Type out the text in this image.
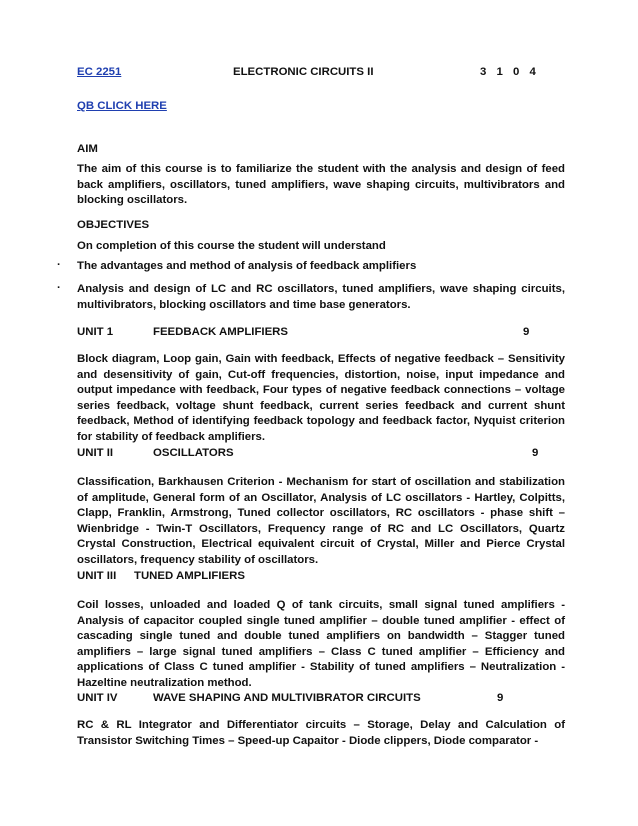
EC 2251	ELECTRONIC CIRCUITS II	3 1 0 4
QB CLICK HERE
AIM
The aim of this course is to familiarize the student with the analysis and design of feed back amplifiers, oscillators, tuned amplifiers, wave shaping circuits, multivibrators and blocking oscillators.
OBJECTIVES
On completion of this course the student will understand
· The advantages and method of analysis of feedback amplifiers
· Analysis and design of LC and RC oscillators, tuned amplifiers, wave shaping circuits, multivibrators, blocking oscillators and time base generators.
UNIT 1	FEEDBACK AMPLIFIERS	9
Block diagram, Loop gain, Gain with feedback, Effects of negative feedback – Sensitivity and desensitivity of gain, Cut-off frequencies, distortion, noise, input impedance and output impedance with feedback, Four types of negative feedback connections – voltage series feedback, voltage shunt feedback, current series feedback and current shunt feedback, Method of identifying feedback topology and feedback factor, Nyquist criterion for stability of feedback amplifiers.
UNIT II	OSCILLATORS	9
Classification, Barkhausen Criterion - Mechanism for start of oscillation and stabilization of amplitude, General form of an Oscillator, Analysis of LC oscillators - Hartley, Colpitts, Clapp, Franklin, Armstrong, Tuned collector oscillators, RC oscillators - phase shift – Wienbridge - Twin-T Oscillators, Frequency range of RC and LC Oscillators, Quartz Crystal Construction, Electrical equivalent circuit of Crystal, Miller and Pierce Crystal oscillators, frequency stability of oscillators.
UNIT III TUNED AMPLIFIERS
Coil losses, unloaded and loaded Q of tank circuits, small signal tuned amplifiers - Analysis of capacitor coupled single tuned amplifier – double tuned amplifier - effect of cascading single tuned and double tuned amplifiers on bandwidth – Stagger tuned amplifiers – large signal tuned amplifiers – Class C tuned amplifier – Efficiency and applications of Class C tuned amplifier - Stability of tuned amplifiers – Neutralization - Hazeltine neutralization method.
UNIT IV	WAVE SHAPING AND MULTIVIBRATOR CIRCUITS	9
RC & RL Integrator and Differentiator circuits – Storage, Delay and Calculation of Transistor Switching Times – Speed-up Capaitor - Diode clippers, Diode comparator -
